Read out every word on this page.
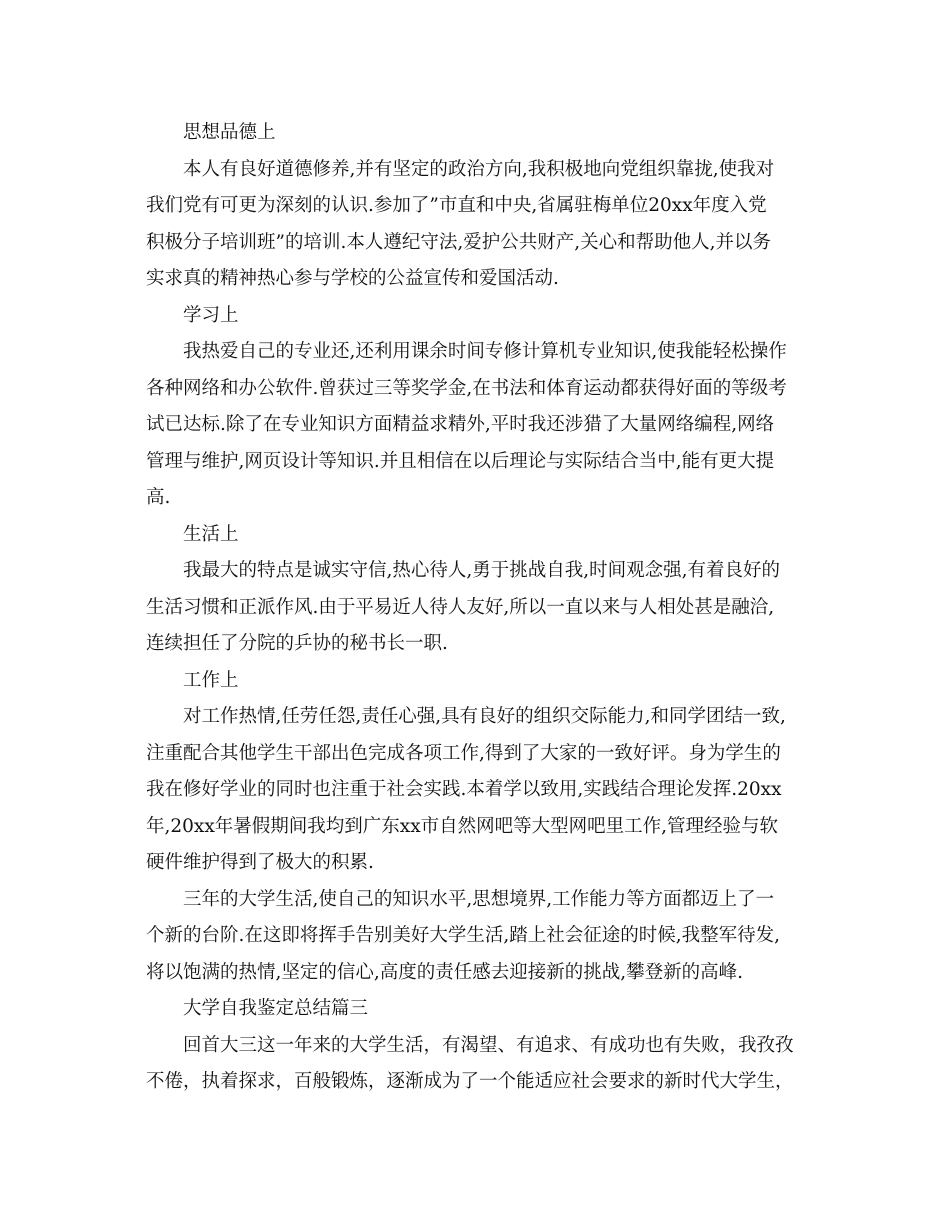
思想品德上
本人有良好道德修养,并有坚定的政治方向,我积极地向党组织靠拢,使我对
我们党有可更为深刻的认识.参加了”市直和中央,省属驻梅单位20xx年度入党
积极分子培训班”的培训.本人遵纪守法,爱护公共财产,关心和帮助他人,并以务
实求真的精神热心参与学校的公益宣传和爱国活动.
学习上
我热爱自己的专业还,还利用课余时间专修计算机专业知识,使我能轻松操作
各种网络和办公软件.曾获过三等奖学金,在书法和体育运动都获得好面的等级考
试已达标.除了在专业知识方面精益求精外,平时我还涉猎了大量网络编程,网络
管理与维护,网页设计等知识.并且相信在以后理论与实际结合当中,能有更大提
高.
生活上
我最大的特点是诚实守信,热心待人,勇于挑战自我,时间观念强,有着良好的
生活习惯和正派作风.由于平易近人待人友好,所以一直以来与人相处甚是融洽,
连续担任了分院的乒协的秘书长一职.
工作上
对工作热情,任劳任怨,责任心强,具有良好的组织交际能力,和同学团结一致,
注重配合其他学生干部出色完成各项工作,得到了大家的一致好评。身为学生的
我在修好学业的同时也注重于社会实践.本着学以致用,实践结合理论发挥.20xx
年,20xx年暑假期间我均到广东xx市自然网吧等大型网吧里工作,管理经验与软
硬件维护得到了极大的积累.
三年的大学生活,使自己的知识水平,思想境界,工作能力等方面都迈上了一
个新的台阶.在这即将挥手告别美好大学生活,踏上社会征途的时候,我整军待发,
将以饱满的热情,坚定的信心,高度的责任感去迎接新的挑战,攀登新的高峰.
大学自我鉴定总结篇三
回首大三这一年来的大学生活，有渴望、有追求、有成功也有失败，我孜孜
不倦，执着探求，百般锻炼，逐渐成为了一个能适应社会要求的新时代大学生，
